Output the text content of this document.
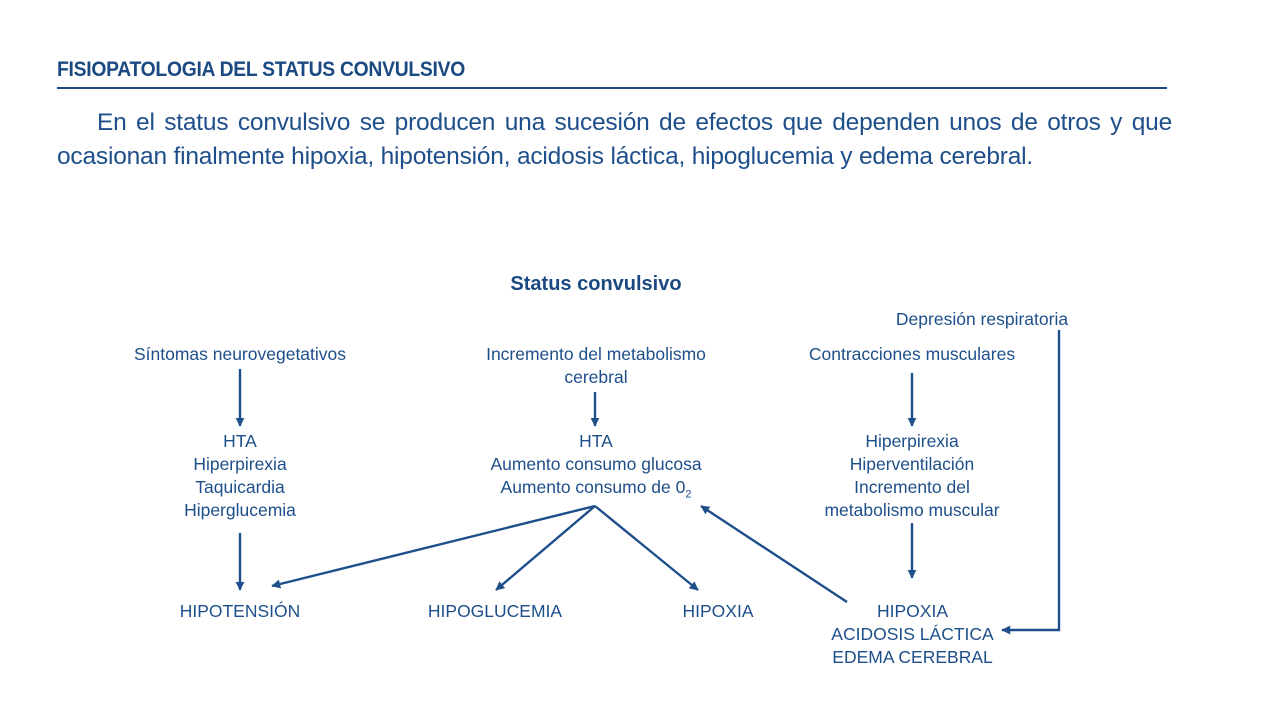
FISIOPATOLOGIA DEL STATUS CONVULSIVO
En el status convulsivo se producen una sucesión de efectos que dependen unos de otros y que ocasionan finalmente hipoxia, hipotensión, acidosis láctica, hipoglucemia y edema cerebral.
Status convulsivo
Síntomas neurovegetativos	Incremento del metabolismo
cerebral
Contracciones musculares
Depresión respiratoria
HTA
Hiperpirexia
Taquicardia
Hiperglucemia
HTA
Aumento consumo glucosa
Aumento consumo de $0_2$
Hiperpirexia
Hiperventilación
Incremento del
metabolismo muscular
HIPOTENSIÓN	HIPOGLUCEMIA	HIPOXIA	HIPOXIA
ACIDOSIS LÁCTICA
EDEMA CEREBRAL
